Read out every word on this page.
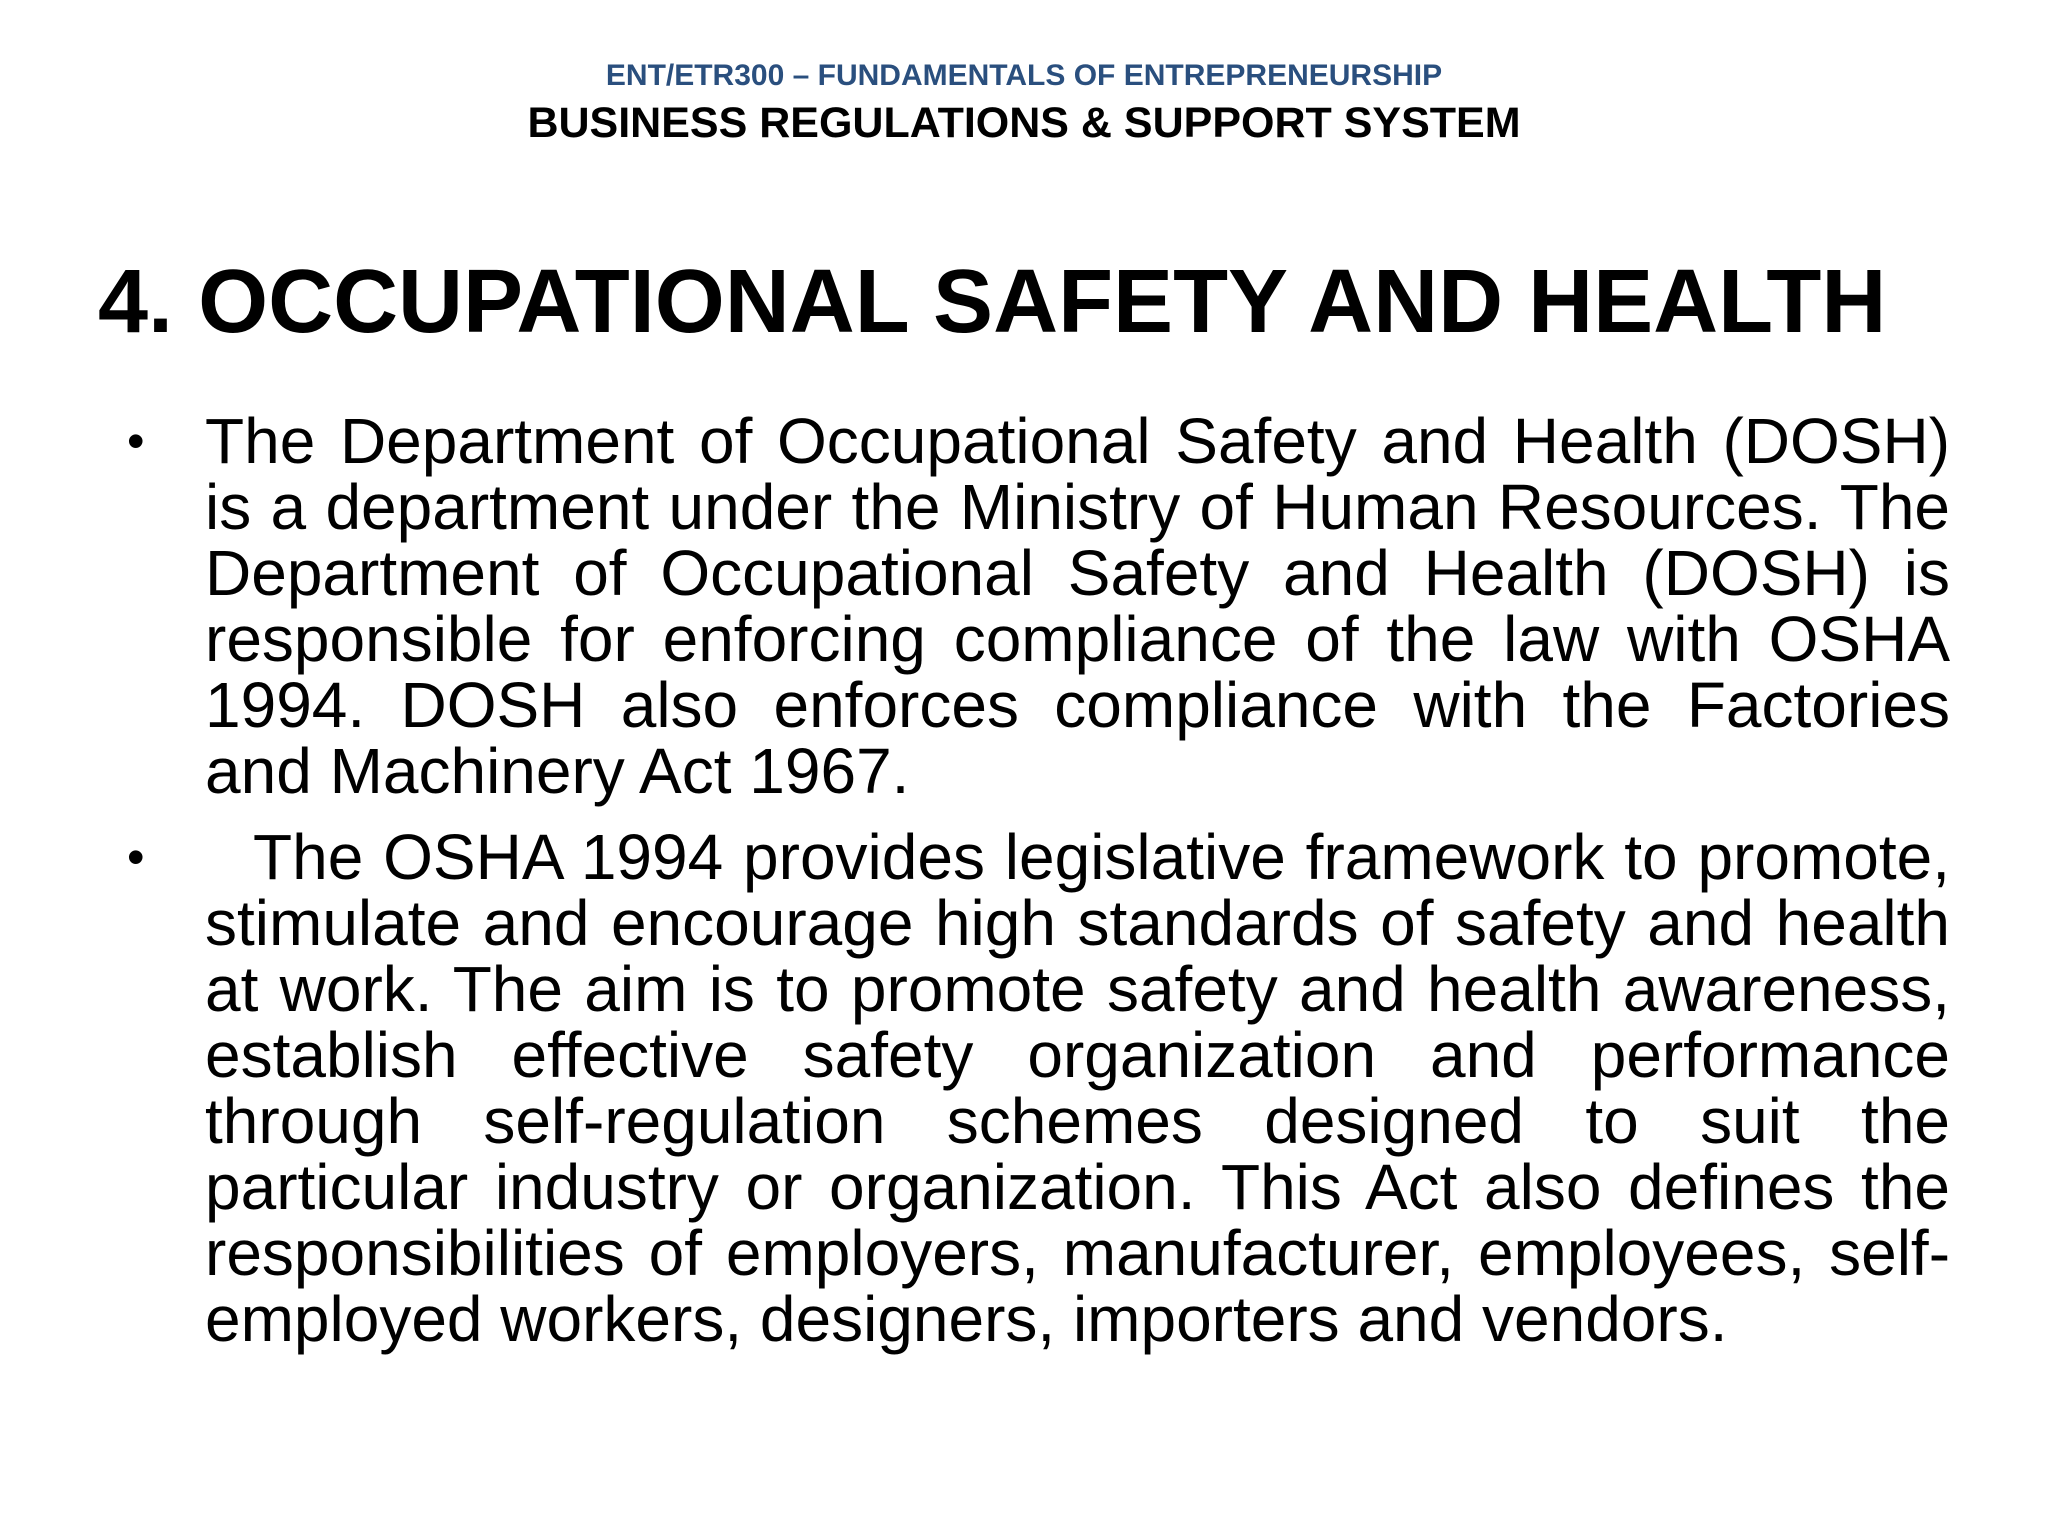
ENT/ETR300 – FUNDAMENTALS OF ENTREPRENEURSHIP
BUSINESS REGULATIONS & SUPPORT SYSTEM
4. OCCUPATIONAL SAFETY AND HEALTH
• The Department of Occupational Safety and Health (DOSH) is a department under the Ministry of Human Resources. The Department of Occupational Safety and Health (DOSH) is responsible for enforcing compliance of the law with OSHA 1994. DOSH also enforces compliance with the Factories and Machinery Act 1967.

•	The OSHA 1994 provides legislative framework to promote, stimulate and encourage high standards of safety and health at work. The aim is to promote safety and health awareness, establish effective safety organization and performance through self-regulation schemes designed to suit the particular industry or organization. This Act also defines the responsibilities of employers, manufacturer, employees, self-employed workers, designers, importers and vendors.
